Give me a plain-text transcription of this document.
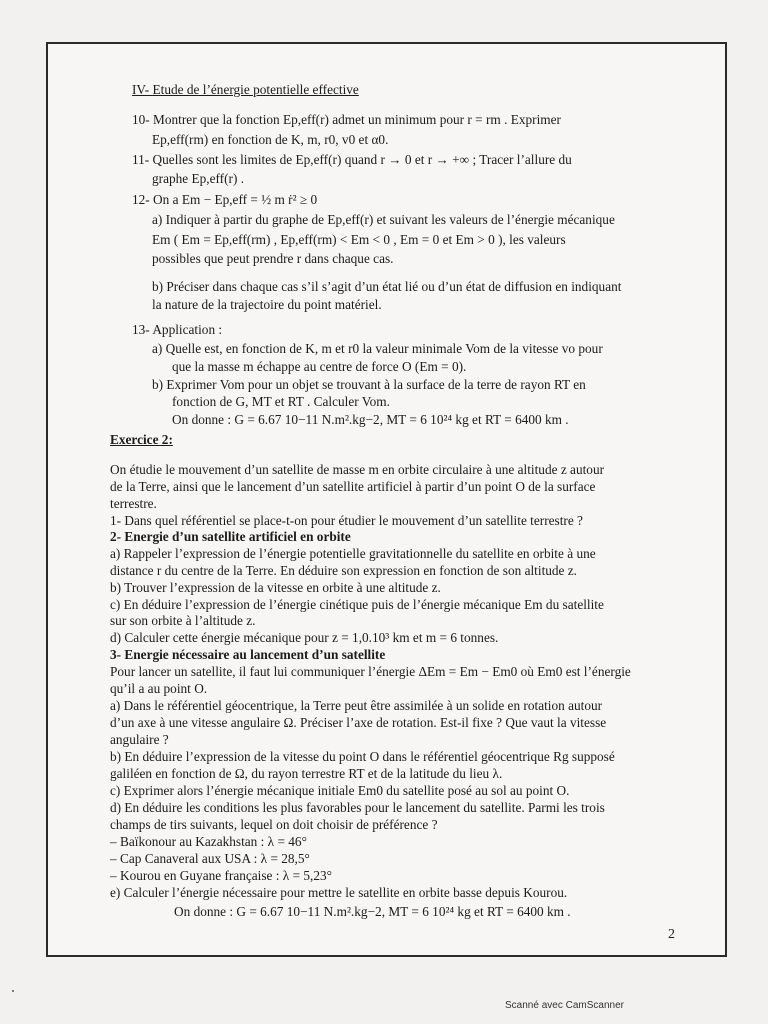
IV- Etude de l’énergie potentielle effective
10- Montrer que la fonction Ep,eff(r) admet un minimum pour r = rm . Exprimer
Ep,eff(rm) en fonction de K, m, r0, v0 et α0.
11- Quelles sont les limites de Ep,eff(r) quand r → 0 et r → +∞ ; Tracer l’allure du
graphe Ep,eff(r) .
12- On a Em − Ep,eff = ½ m ṙ² ≥ 0
a) Indiquer à partir du graphe de Ep,eff(r) et suivant les valeurs de l’énergie mécanique
Em ( Em = Ep,eff(rm) , Ep,eff(rm) < Em < 0 , Em = 0 et Em > 0 ), les valeurs
possibles que peut prendre r dans chaque cas.
b) Préciser dans chaque cas s’il s’agit d’un état lié ou d’un état de diffusion en indiquant
la nature de la trajectoire du point matériel.
13- Application :
a) Quelle est, en fonction de K, m et r0 la valeur minimale Vom de la vitesse vo pour
que la masse m échappe au centre de force O (Em = 0).
b) Exprimer Vom pour un objet se trouvant à la surface de la terre de rayon RT en
fonction de G, MT et RT . Calculer Vom.
On donne : G = 6.67 10−11 N.m².kg−2, MT = 6 10²⁴ kg et RT = 6400 km .
Exercice 2:
On étudie le mouvement d’un satellite de masse m en orbite circulaire à une altitude z autour
de la Terre, ainsi que le lancement d’un satellite artificiel à partir d’un point O de la surface
terrestre.
1- Dans quel référentiel se place-t-on pour étudier le mouvement d’un satellite terrestre ?
2- Energie d’un satellite artificiel en orbite
a) Rappeler l’expression de l’énergie potentielle gravitationnelle du satellite en orbite à une
distance r du centre de la Terre. En déduire son expression en fonction de son altitude z.
b) Trouver l’expression de la vitesse en orbite à une altitude z.
c) En déduire l’expression de l’énergie cinétique puis de l’énergie mécanique Em du satellite
sur son orbite à l’altitude z.
d) Calculer cette énergie mécanique pour z = 1,0.10³ km et m = 6 tonnes.
3- Energie nécessaire au lancement d’un satellite
Pour lancer un satellite, il faut lui communiquer l’énergie ΔEm = Em − Em0 où Em0 est l’énergie
qu’il a au point O.
a) Dans le référentiel géocentrique, la Terre peut être assimilée à un solide en rotation autour
d’un axe à une vitesse angulaire Ω. Préciser l’axe de rotation. Est-il fixe ? Que vaut la vitesse
angulaire ?
b) En déduire l’expression de la vitesse du point O dans le référentiel géocentrique Rg supposé
galiléen en fonction de Ω, du rayon terrestre RT et de la latitude du lieu λ.
c) Exprimer alors l’énergie mécanique initiale Em0 du satellite posé au sol au point O.
d) En déduire les conditions les plus favorables pour le lancement du satellite. Parmi les trois
champs de tirs suivants, lequel on doit choisir de préférence ?
– Baïkonour au Kazakhstan : λ = 46°
– Cap Canaveral aux USA : λ = 28,5°
– Kourou en Guyane française : λ = 5,23°
e) Calculer l’énergie nécessaire pour mettre le satellite en orbite basse depuis Kourou.
On donne : G = 6.67 10−11 N.m².kg−2, MT = 6 10²⁴ kg et RT = 6400 km .
2
Scanné avec CamScanner
